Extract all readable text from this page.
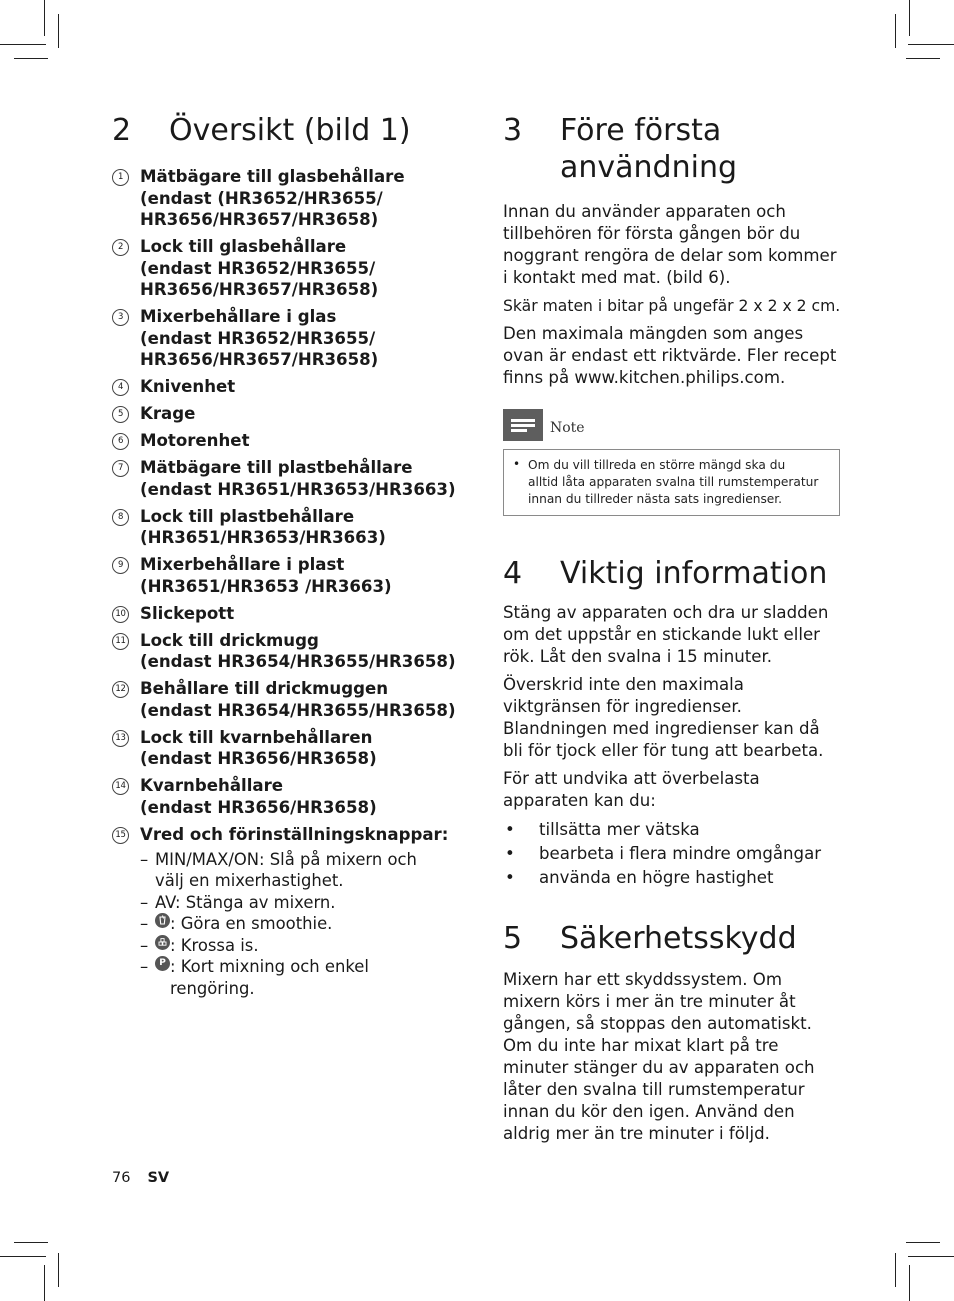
2	Översikt (bild 1)
1	Mätbägare till glasbehållare
(endast (HR3652/HR3655/
HR3656/HR3657/HR3658)
2	Lock till glasbehållare
(endast HR3652/HR3655/
HR3656/HR3657/HR3658)
3	Mixerbehållare i glas
(endast HR3652/HR3655/
HR3656/HR3657/HR3658)
4	Knivenhet
5	Krage
6	Motorenhet
7	Mätbägare till plastbehållare
(endast HR3651/HR3653/HR3663)
8	Lock till plastbehållare
(HR3651/HR3653/HR3663)
9	Mixerbehållare i plast
(HR3651/HR3653 /HR3663)
10 Slickepott
11 Lock till drickmugg
(endast HR3654/HR3655/HR3658)
12 Behållare till drickmuggen
(endast HR3654/HR3655/HR3658)
13 Lock till kvarnbehållaren
(endast HR3656/HR3658)
14 Kvarnbehållare
(endast HR3656/HR3658)
15 Vred och förinställningsknappar:
– MIN/MAX/ON: Slå på mixern och
välj en mixerhastighet.
– AV: Stänga av mixern.
–	: Göra en smoothie.
–	: Krossa is.
–	P : Kort mixning och enkel
rengöring.
3	Före första
användning

Innan du använder apparaten och
tillbehören för första gången bör du
noggrant rengöra de delar som kommer
i kontakt med mat. (bild 6).

Skär maten i bitar på ungefär 2 x 2 x 2 cm.

Den maximala mängden som anges
ovan är endast ett riktvärde. Fler recept
finns på www.kitchen.philips.com.

Note
• Om du vill tillreda en större mängd ska du
alltid låta apparaten svalna till rumstemperatur
innan du tillreder nästa sats ingredienser.
4	Viktig information

Stäng av apparaten och dra ur sladden
om det uppstår en stickande lukt eller
rök. Låt den svalna i 15 minuter.

Överskrid inte den maximala
viktgränsen för ingredienser.
Blandningen med ingredienser kan då
bli för tjock eller för tung att bearbeta.

För att undvika att överbelasta
apparaten kan du:

•	tillsätta mer vätska
•	bearbeta i flera mindre omgångar
•	använda en högre hastighet
5	Säkerhetsskydd

Mixern har ett skyddssystem. Om
mixern körs i mer än tre minuter åt
gången, så stoppas den automatiskt.
Om du inte har mixat klart på tre
minuter stänger du av apparaten och
låter den svalna till rumstemperatur
innan du kör den igen. Använd den
aldrig mer än tre minuter i följd.

76 SV
